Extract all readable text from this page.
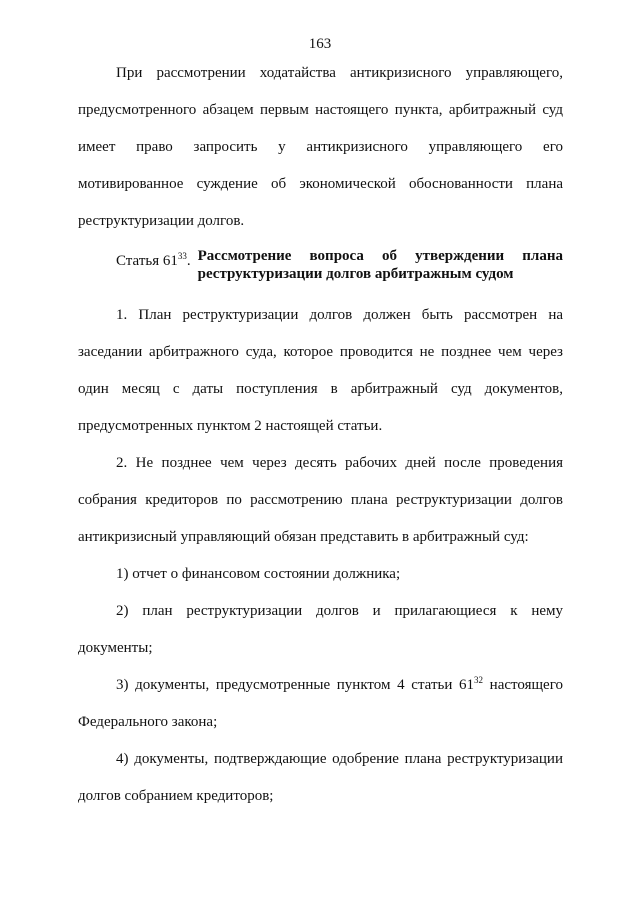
163

При рассмотрении ходатайства антикризисного управляющего, предусмотренного абзацем первым настоящего пункта, арбитражный суд имеет право запросить у антикризисного управляющего его мотивированное суждение об экономической обоснованности плана реструктуризации долгов.

Статья $61^{33}$. Рассмотрение вопроса об утверждении плана реструктуризации долгов арбитражным судом

1. План реструктуризации долгов должен быть рассмотрен на заседании арбитражного суда, которое проводится не позднее чем через один месяц с даты поступления в арбитражный суд документов, предусмотренных пунктом 2 настоящей статьи.

2. Не позднее чем через десять рабочих дней после проведения собрания кредиторов по рассмотрению плана реструктуризации долгов антикризисный управляющий обязан представить в арбитражный суд:

1) отчет о финансовом состоянии должника;

2) план реструктуризации долгов и прилагающиеся к нему документы;

3) документы, предусмотренные пунктом 4 статьи 61$^{32}$ настоящего Федерального закона;

4) документы, подтверждающие одобрение плана реструктуризации долгов собранием кредиторов;
